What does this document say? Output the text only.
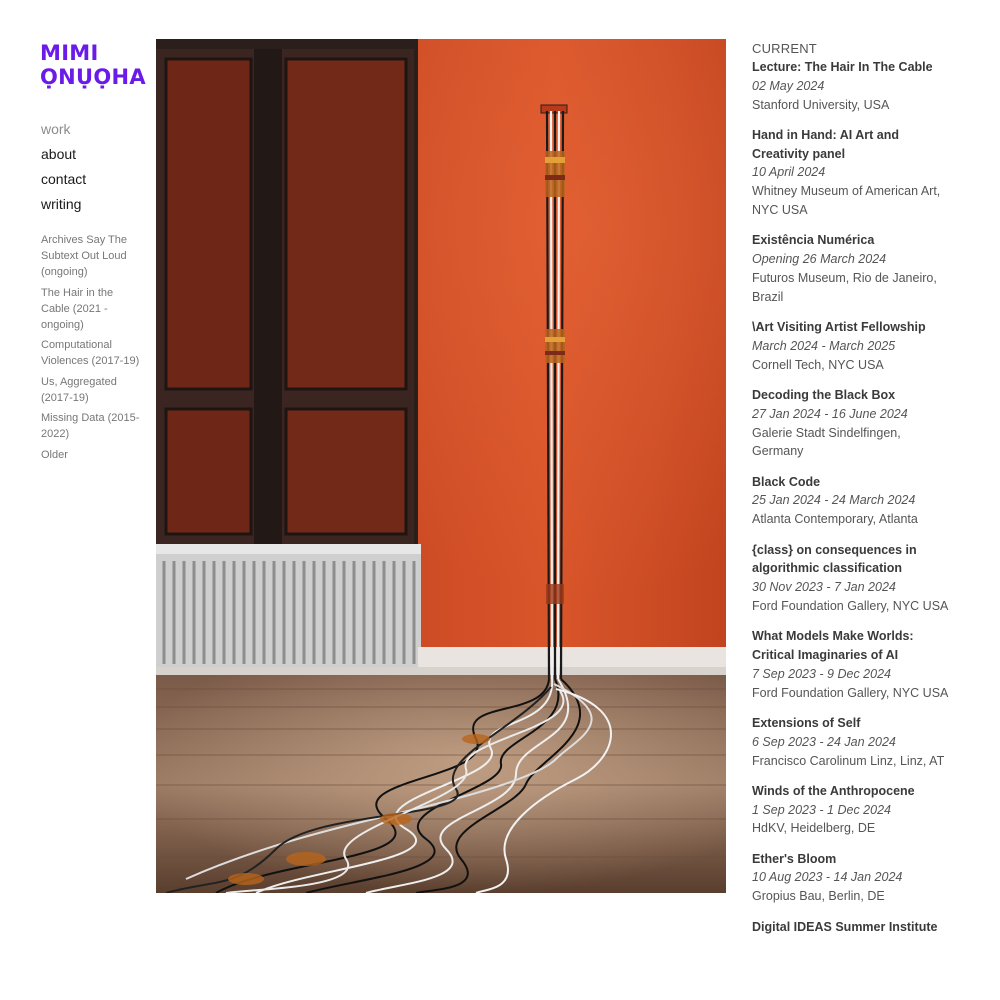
MIMI
ỌNỤỌHA
work
about
contact
writing
Archives Say The Subtext Out Loud (ongoing)
The Hair in the Cable (2021 - ongoing)
Computational Violences (2017-19)
Us, Aggregated (2017-19)
Missing Data (2015-2022)
Older
CURRENT
Lecture: The Hair In The Cable
02 May 2024
Stanford University, USA
Hand in Hand: AI Art and Creativity panel
10 April 2024
Whitney Museum of American Art, NYC USA
Existência Numérica
Opening 26 March 2024
Futuros Museum, Rio de Janeiro, Brazil
\Art Visiting Artist Fellowship
March 2024 - March 2025
Cornell Tech, NYC USA
Decoding the Black Box
27 Jan 2024 - 16 June 2024
Galerie Stadt Sindelfingen, Germany
Black Code
25 Jan 2024 - 24 March 2024
Atlanta Contemporary, Atlanta
{class} on consequences in algorithmic classification
30 Nov 2023 - 7 Jan 2024
Ford Foundation Gallery, NYC USA
What Models Make Worlds: Critical Imaginaries of AI
7 Sep 2023 - 9 Dec 2024
Ford Foundation Gallery, NYC USA
Extensions of Self
6 Sep 2023 - 24 Jan 2024
Francisco Carolinum Linz, Linz, AT
Winds of the Anthropocene
1 Sep 2023 - 1 Dec 2024
HdKV, Heidelberg, DE
Ether's Bloom
10 Aug 2023 - 14 Jan 2024
Gropius Bau, Berlin, DE
Digital IDEAS Summer Institute
